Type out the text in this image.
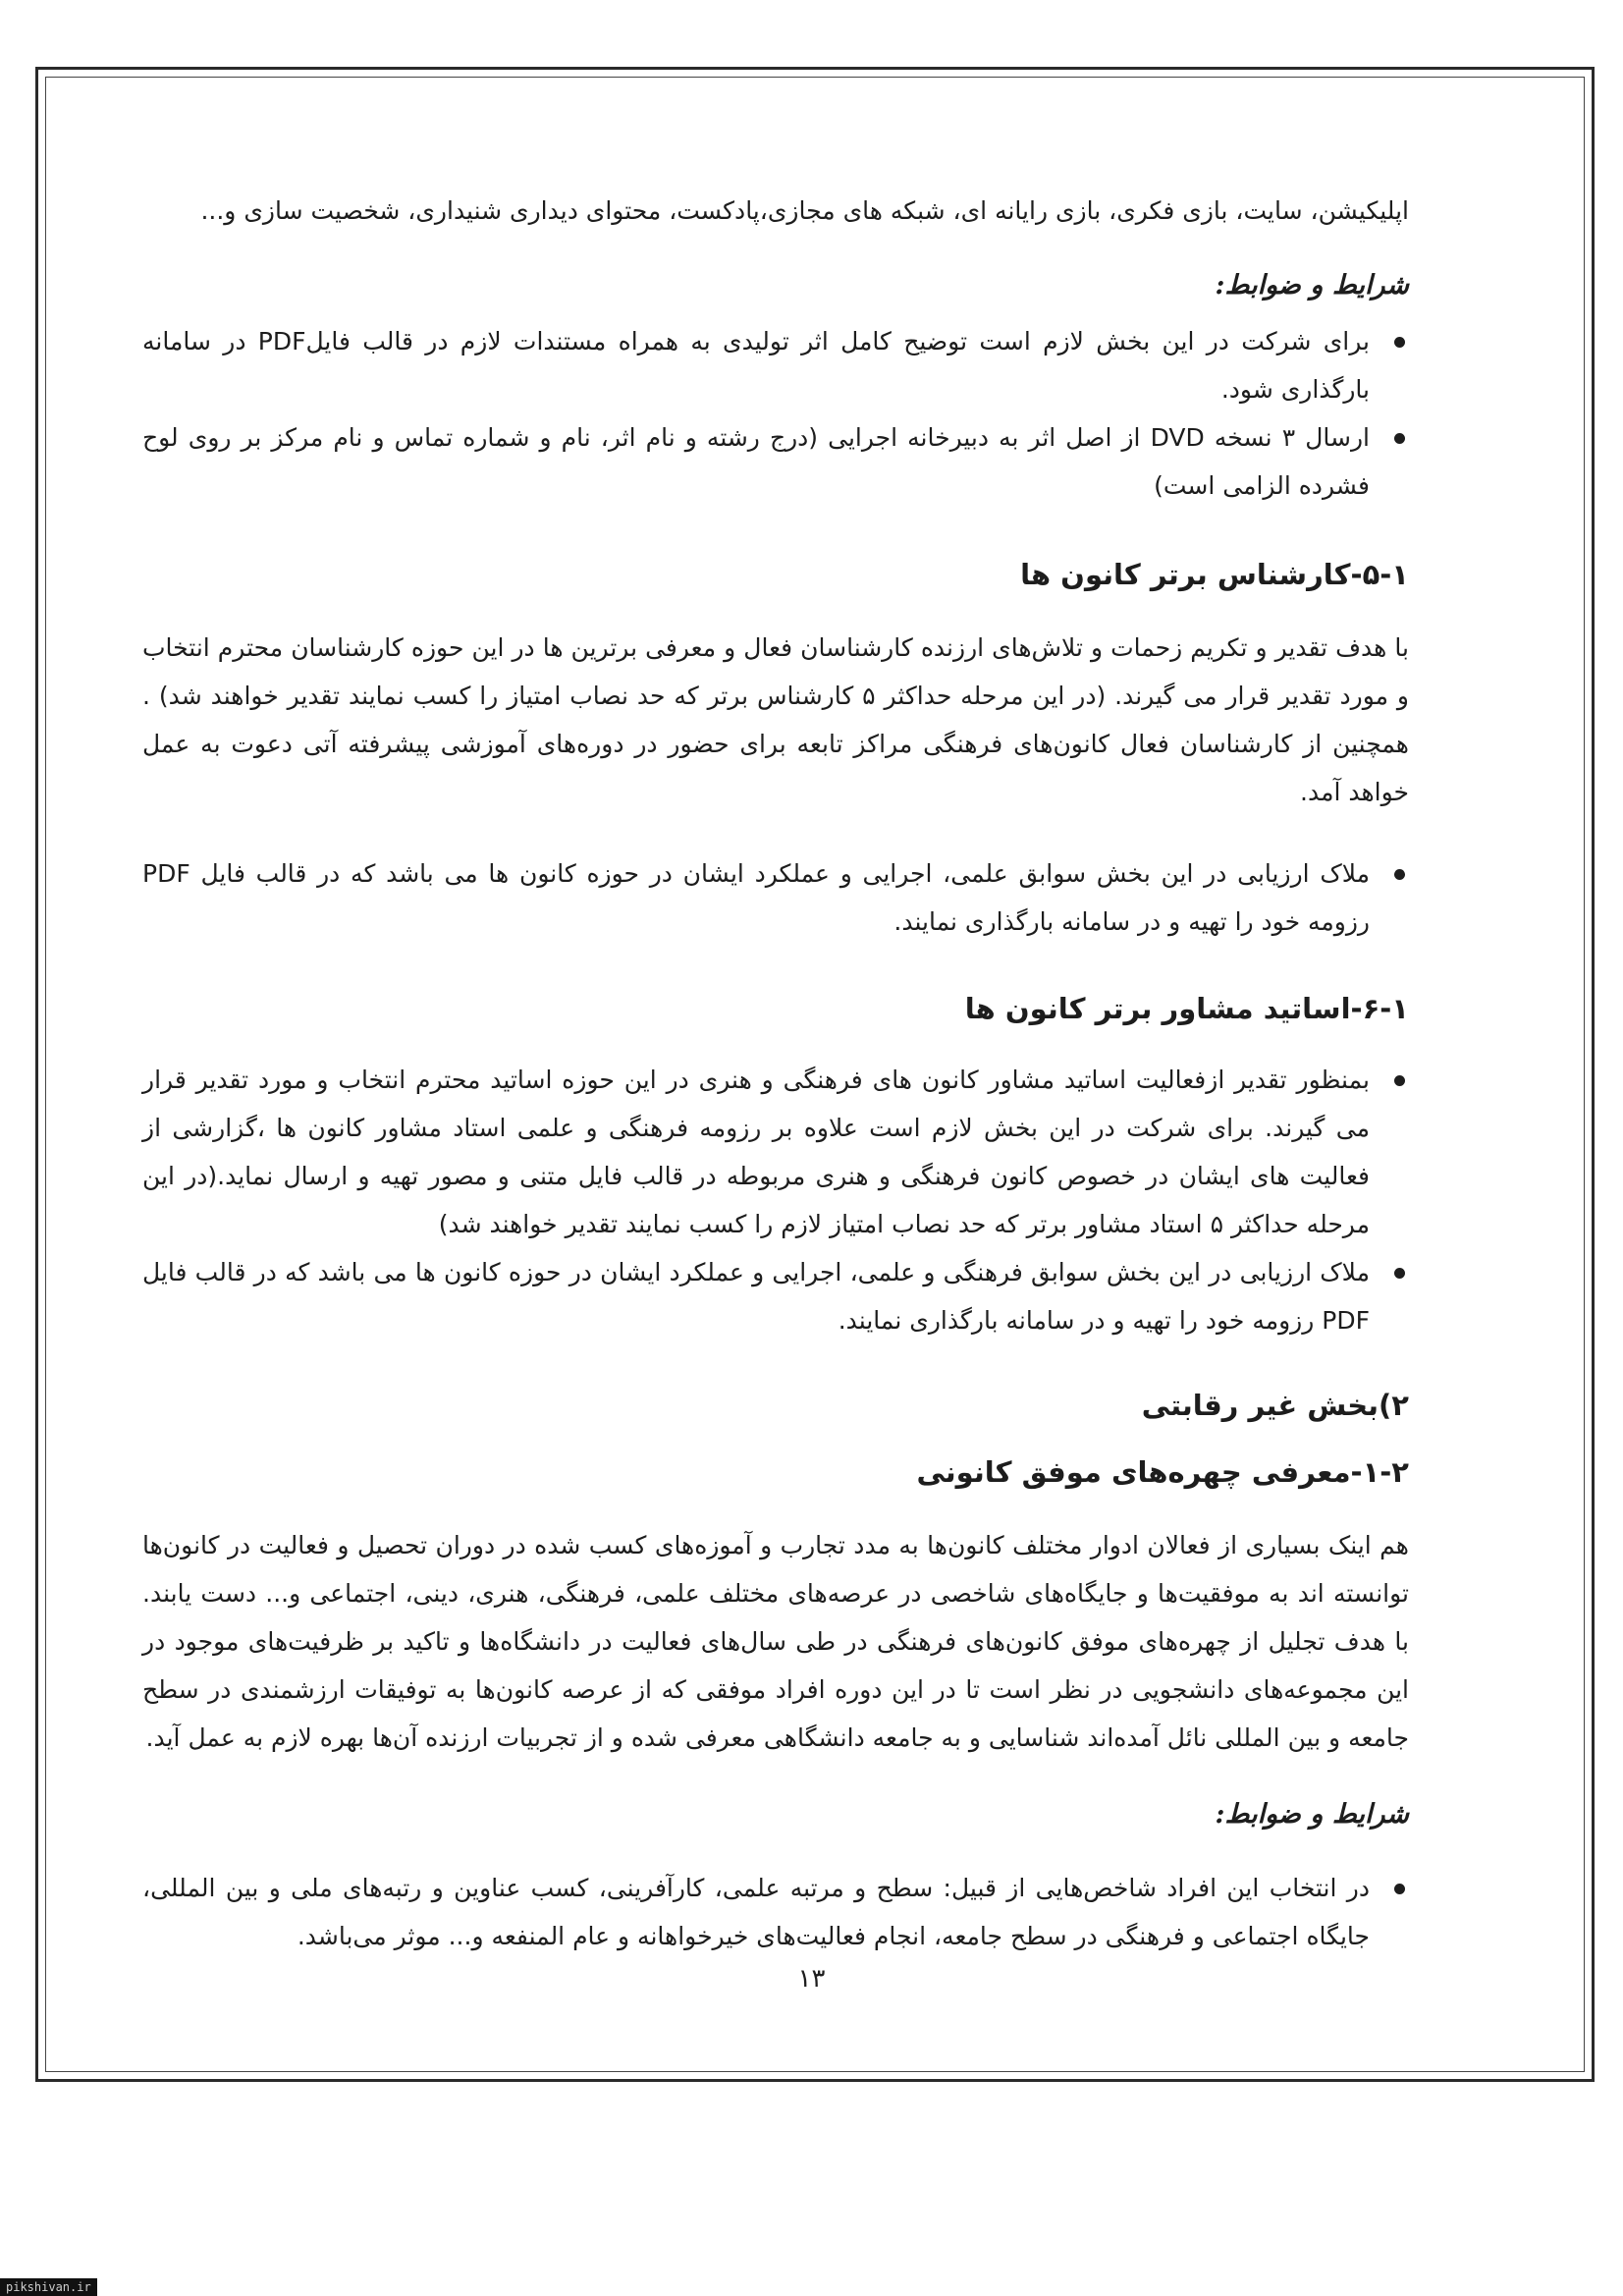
اپلیکیشن، سایت، بازی فکری، بازی رایانه ای، شبکه های مجازی،پادکست، محتوای دیداری شنیداری، شخصیت سازی و...

شرایط و ضوابط:

برای شرکت در این بخش لازم است توضیح کامل اثر تولیدی به همراه مستندات لازم در قالب فایلPDF در سامانه بارگذاری شود.
ارسال ۳ نسخه DVD از اصل اثر به دبیرخانه اجرایی (درج رشته و نام اثر، نام و شماره تماس و نام مرکز بر روی لوح فشرده الزامی است)

۵-۱-کارشناس برتر کانون ها

با هدف تقدیر و تکریم زحمات و تلاش‌های ارزنده کارشناسان فعال و معرفی برترین ها در این حوزه کارشناسان محترم انتخاب و مورد تقدیر قرار می گیرند. (در این مرحله حداکثر ۵ کارشناس برتر که حد نصاب امتیاز را کسب نمایند تقدیر خواهند شد) . همچنین از کارشناسان فعال کانون‌های فرهنگی مراکز تابعه برای حضور در دوره‌های آموزشی پیشرفته آتی دعوت به عمل خواهد آمد.

ملاک ارزیابی در این بخش سوابق علمی، اجرایی و عملکرد ایشان در حوزه کانون ها می باشد که در قالب فایل PDF رزومه خود را تهیه و در سامانه بارگذاری نمایند.

۶-۱-اساتید مشاور برتر کانون ها

بمنظور تقدیر ازفعالیت اساتید مشاور کانون های فرهنگی و هنری در این حوزه اساتید محترم انتخاب و مورد تقدیر قرار می گیرند. برای شرکت در این بخش لازم است علاوه بر رزومه فرهنگی و علمی استاد مشاور کانون ها ،گزارشی از فعالیت های ایشان در خصوص کانون فرهنگی و هنری مربوطه در قالب فایل متنی و مصور تهیه و ارسال نماید.(در این مرحله حداکثر ۵ استاد مشاور برتر که حد نصاب امتیاز لازم را کسب نمایند تقدیر خواهند شد)
ملاک ارزیابی در این بخش سوابق فرهنگی و علمی، اجرایی و عملکرد ایشان در حوزه کانون ها می باشد که در قالب فایل PDF رزومه خود را تهیه و در سامانه بارگذاری نمایند.

۲)بخش غیر رقابتی

۱-۲-معرفی چهره‌های موفق کانونی

هم اینک بسیاری از فعالان ادوار مختلف کانون‌ها به مدد تجارب و آموزه‌های کسب شده در دوران تحصیل و فعالیت در کانون‌ها توانسته اند به موفقیت‌ها و جایگاه‌های شاخصی در عرصه‌های مختلف علمی، فرهنگی، هنری، دینی، اجتماعی و... دست یابند. با هدف تجلیل از چهره‌های موفق کانون‌های فرهنگی در طی سال‌های فعالیت در دانشگاه‌ها و تاکید بر ظرفیت‌های موجود در این مجموعه‌های دانشجویی در نظر است تا در این دوره افراد موفقی که از عرصه کانون‌ها به توفیقات ارزشمندی در سطح جامعه و بین المللی نائل آمده‌اند شناسایی و به جامعه دانشگاهی معرفی شده و از تجربیات ارزنده آن‌ها بهره لازم به عمل آید.

شرایط و ضوابط:

در انتخاب این افراد شاخص‌هایی از قبیل: سطح و مرتبه علمی، کارآفرینی، کسب عناوین و رتبه‌های ملی و بین المللی، جایگاه اجتماعی و فرهنگی در سطح جامعه، انجام فعالیت‌های خیرخواهانه و عام المنفعه و... موثر می‌باشد.
۱۳
pikshivan.ir
